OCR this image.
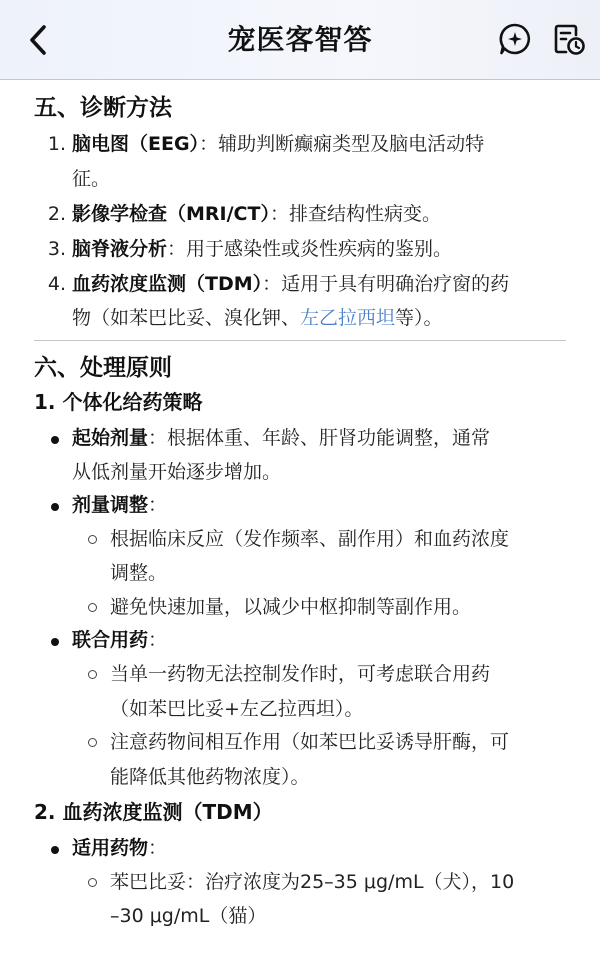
宠医客智答
五、诊断方法
1. 脑电图（EEG）：辅助判断癫痫类型及脑电活动特
征。
2. 影像学检查（MRI/CT）：排查结构性病变。
3. 脑脊液分析：用于感染性或炎性疾病的鉴别。
4. 血药浓度监测（TDM）：适用于具有明确治疗窗的药
物（如苯巴比妥、溴化钾、左乙拉西坦等）。
六、处理原则
1. 个体化给药策略
起始剂量：根据体重、年龄、肝肾功能调整，通常
从低剂量开始逐步增加。
剂量调整：
根据临床反应（发作频率、副作用）和血药浓度
调整。
避免快速加量，以减少中枢抑制等副作用。
联合用药：
当单一药物无法控制发作时，可考虑联合用药
（如苯巴比妥+左乙拉西坦）。
注意药物间相互作用（如苯巴比妥诱导肝酶，可
能降低其他药物浓度）。
2. 血药浓度监测（TDM）
适用药物：
苯巴比妥：治疗浓度为25–35 μg/mL（犬），10
–30 μg/mL（猫）
